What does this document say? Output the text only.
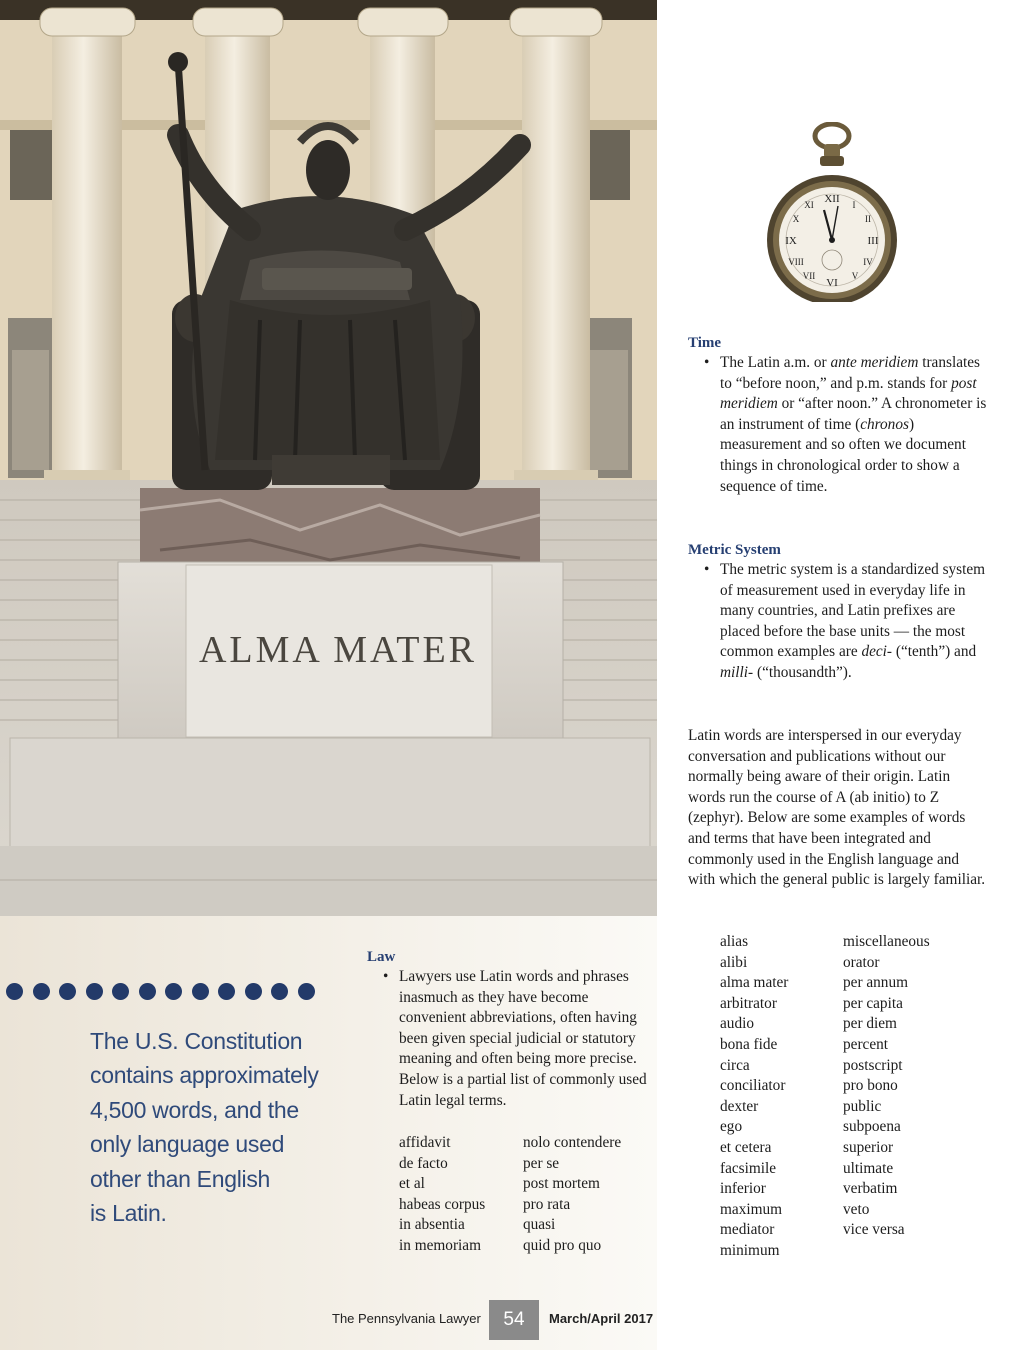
ALMA MATER
The U.S. Constitution
contains approximately
4,500 words, and the
only language used
other than English
is Latin.
XII
III
VI
IX
I
II
IV
V
VII
VIII
X
XI
Time
• The Latin a.m. or ante meridiem translates to “before noon,” and p.m. stands for post meridiem or “after noon.” A chronometer is an instrument of time (chronos) measurement and so often we document things in chronological order to show a sequence of time.
Metric System
• The metric system is a standardized system of measurement used in everyday life in many countries, and Latin prefixes are placed before the base units — the most common examples are deci- (“tenth”) and milli- (“thousandth”).
Latin words are interspersed in our everyday conversation and publications without our normally being aware of their origin. Latin words run the course of A (ab initio) to Z (zephyr). Below are some examples of words and terms that have been integrated and commonly used in the English language and with which the general public is largely familiar.
Law
• Lawyers use Latin words and phrases inasmuch as they have become convenient abbreviations, often having been given special judicial or statutory meaning and often being more precise. Below is a partial list of commonly used Latin legal terms.
affidavit
de facto
et al
habeas corpus
in absentia
in memoriam
nolo contendere
per se
post mortem
pro rata
quasi
quid pro quo
alias
alibi
alma mater
arbitrator
audio
bona fide
circa
conciliator
dexter
ego
et cetera
facsimile
inferior
maximum
mediator
minimum
miscellaneous
orator
per annum
per capita
per diem
percent
postscript
pro bono
public
subpoena
superior
ultimate
verbatim
veto
vice versa
The Pennsylvania Lawyer	54	March/April 2017
